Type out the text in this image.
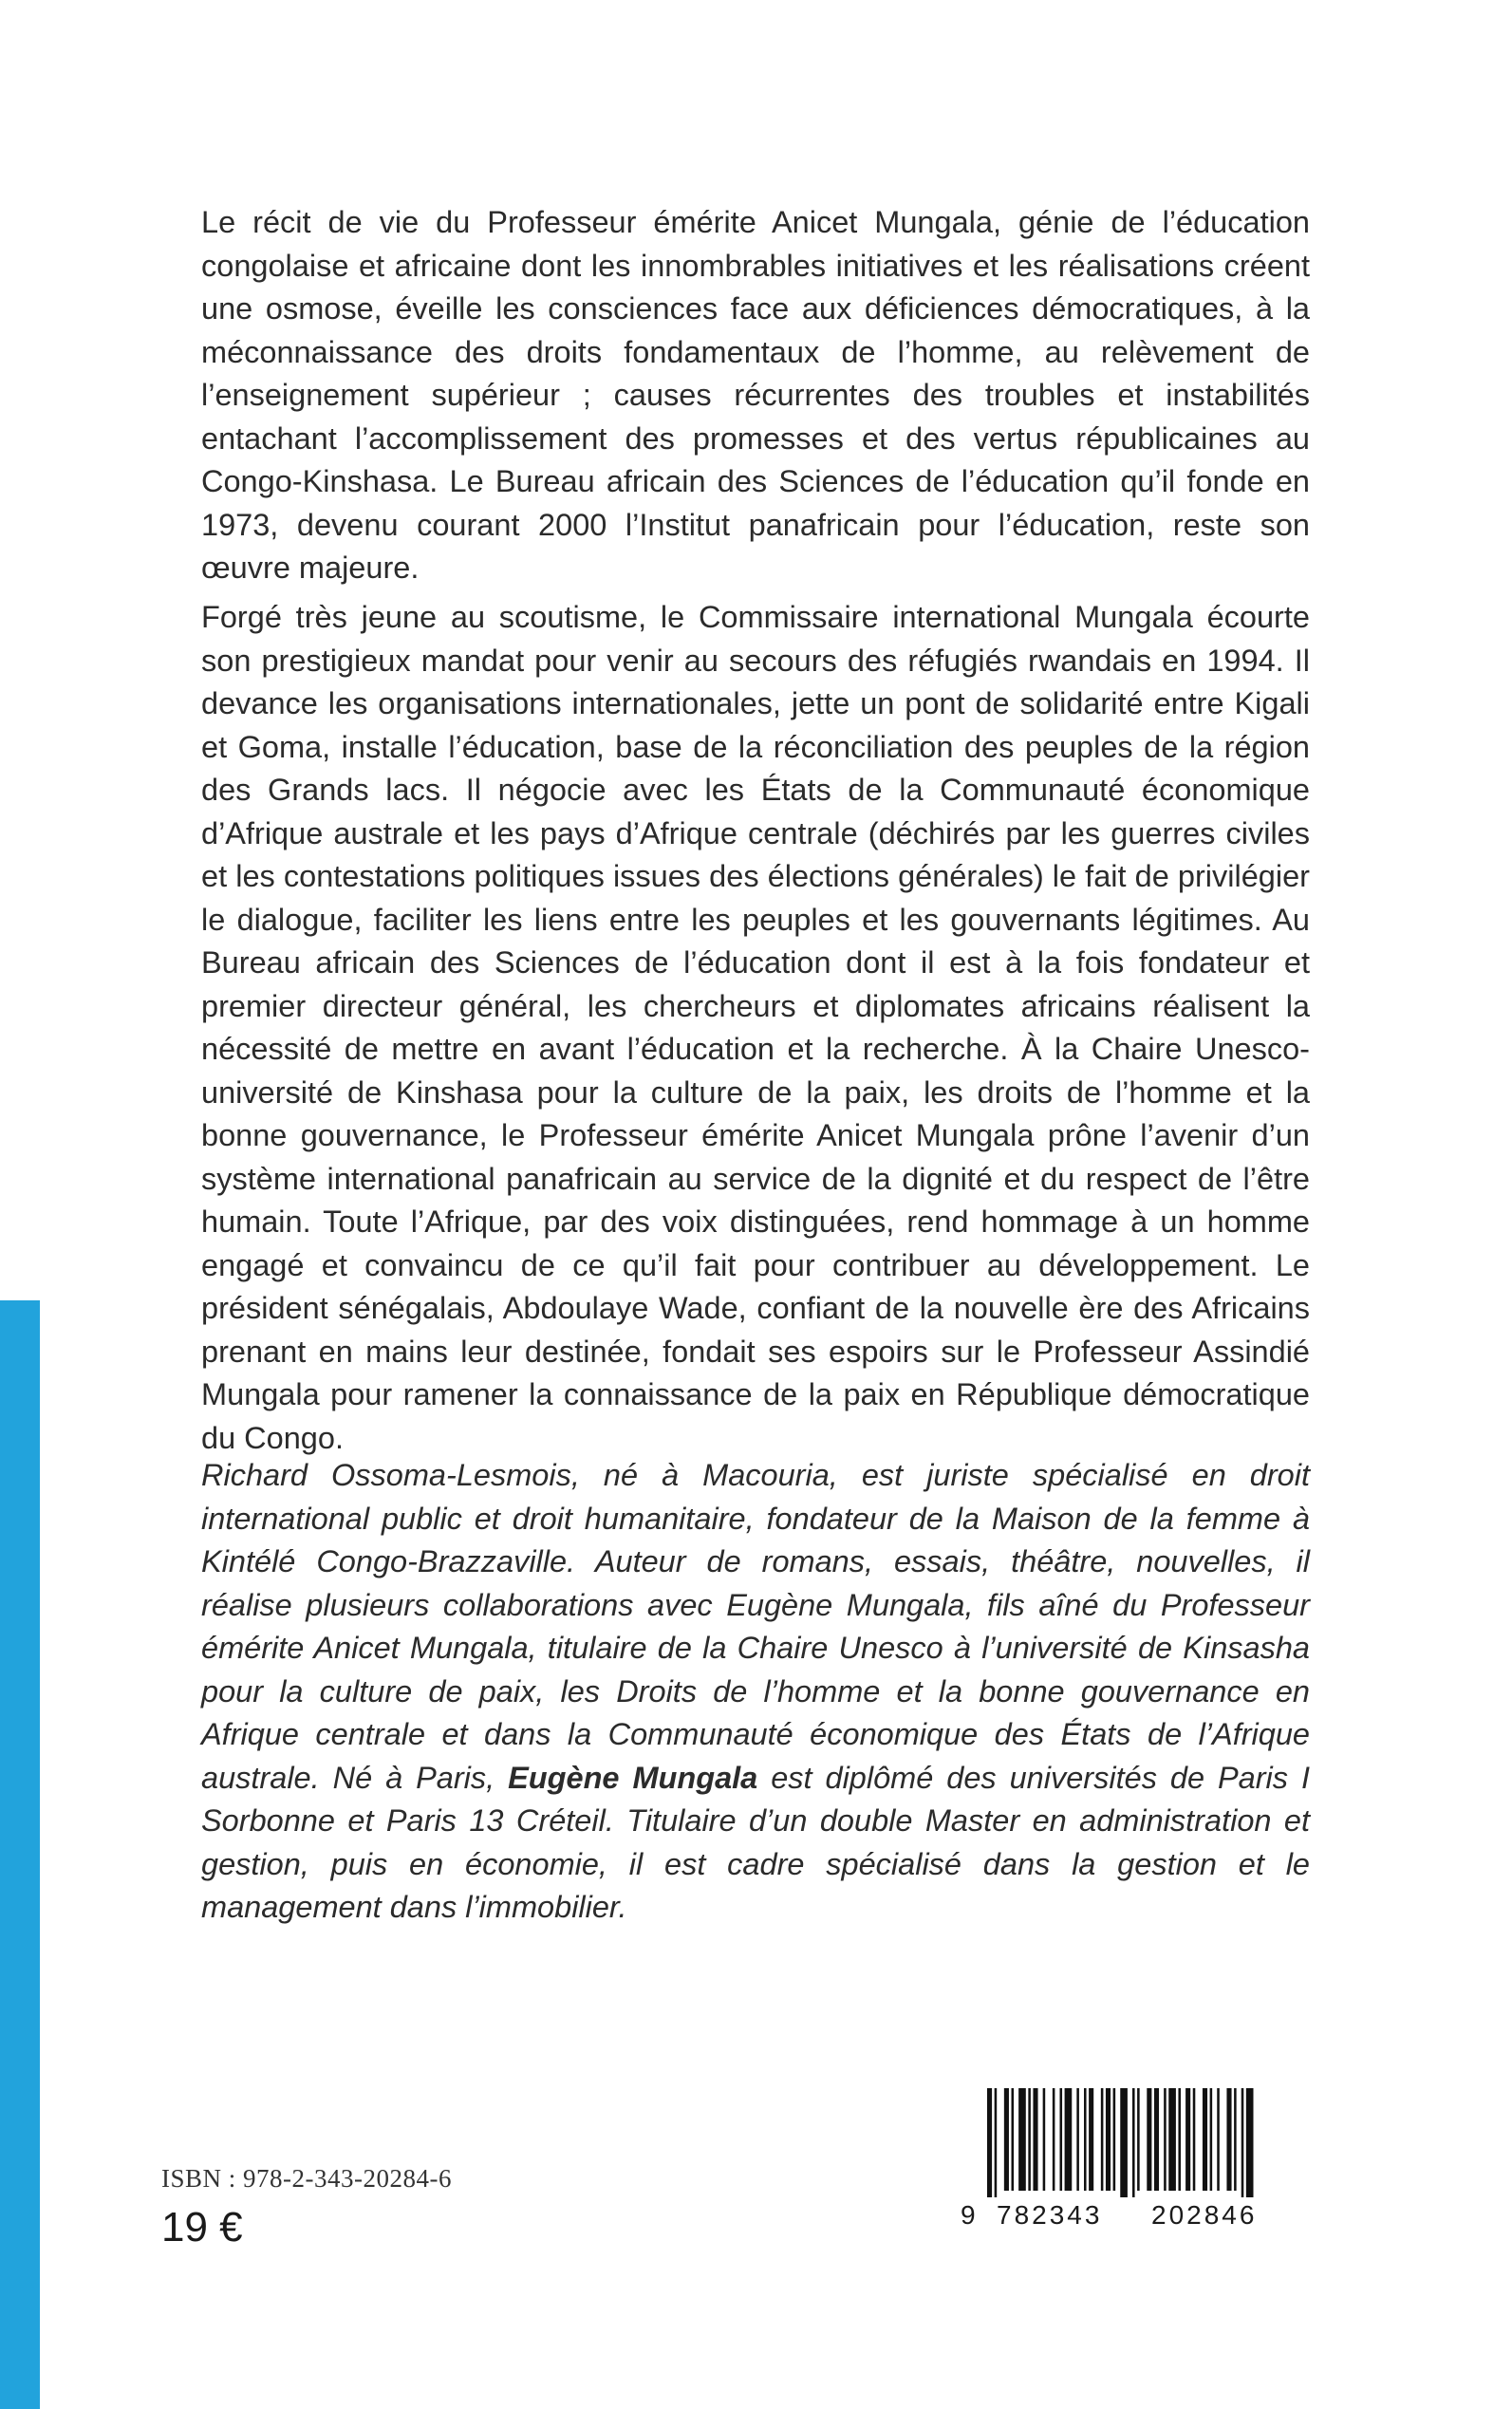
Le récit de vie du Professeur émérite Anicet Mungala, génie de l’éducation congolaise et africaine dont les innombrables initiatives et les réalisations créent une osmose, éveille les consciences face aux déficiences démocratiques, à la méconnaissance des droits fondamentaux de l’homme, au relèvement de l’enseignement supérieur ; causes récurrentes des troubles et instabilités entachant l’accomplissement des promesses et des vertus républicaines au Congo-Kinshasa. Le Bureau africain des Sciences de l’éducation qu’il fonde en 1973, devenu courant 2000 l’Institut panafricain pour l’éducation, reste son œuvre majeure.

Forgé très jeune au scoutisme, le Commissaire international Mungala écourte son prestigieux mandat pour venir au secours des réfugiés rwandais en 1994. Il devance les organisations internationales, jette un pont de solidarité entre Kigali et Goma, installe l’éducation, base de la réconciliation des peuples de la région des Grands lacs. Il négocie avec les États de la Communauté économique d’Afrique australe et les pays d’Afrique centrale (déchirés par les guerres civiles et les contestations politiques issues des élections générales) le fait de privilégier le dialogue, faciliter les liens entre les peuples et les gouvernants légitimes. Au Bureau africain des Sciences de l’éducation dont il est à la fois fondateur et premier directeur général, les chercheurs et diplomates africains réalisent la nécessité de mettre en avant l’éducation et la recherche. À la Chaire Unesco-université de Kinshasa pour la culture de la paix, les droits de l’homme et la bonne gouvernance, le Professeur émérite Anicet Mungala prône l’avenir d’un système international panafricain au service de la dignité et du respect de l’être humain. Toute l’Afrique, par des voix distinguées, rend hommage à un homme engagé et convaincu de ce qu’il fait pour contribuer au développement. Le président sénégalais, Abdoulaye Wade, confiant de la nouvelle ère des Africains prenant en mains leur destinée, fondait ses espoirs sur le Professeur Assindié Mungala pour ramener la connaissance de la paix en République démocratique du Congo.

Richard Ossoma-Lesmois, né à Macouria, est juriste spécialisé en droit international public et droit humanitaire, fondateur de la Maison de la femme à Kintélé Congo-Brazzaville. Auteur de romans, essais, théâtre, nouvelles, il réalise plusieurs collaborations avec Eugène Mungala, fils aîné du Professeur émérite Anicet Mungala, titulaire de la Chaire Unesco à l’université de Kinsasha pour la culture de paix, les Droits de l’homme et la bonne gouvernance en Afrique centrale et dans la Communauté économique des États de l’Afrique australe. Né à Paris, Eugène Mungala est diplômé des universités de Paris I Sorbonne et Paris 13 Créteil. Titulaire d’un double Master en administration et gestion, puis en économie, il est cadre spécialisé dans la gestion et le management dans l’immobilier.

ISBN : 978-2-343-20284-6
19 €	9 782343 202846
